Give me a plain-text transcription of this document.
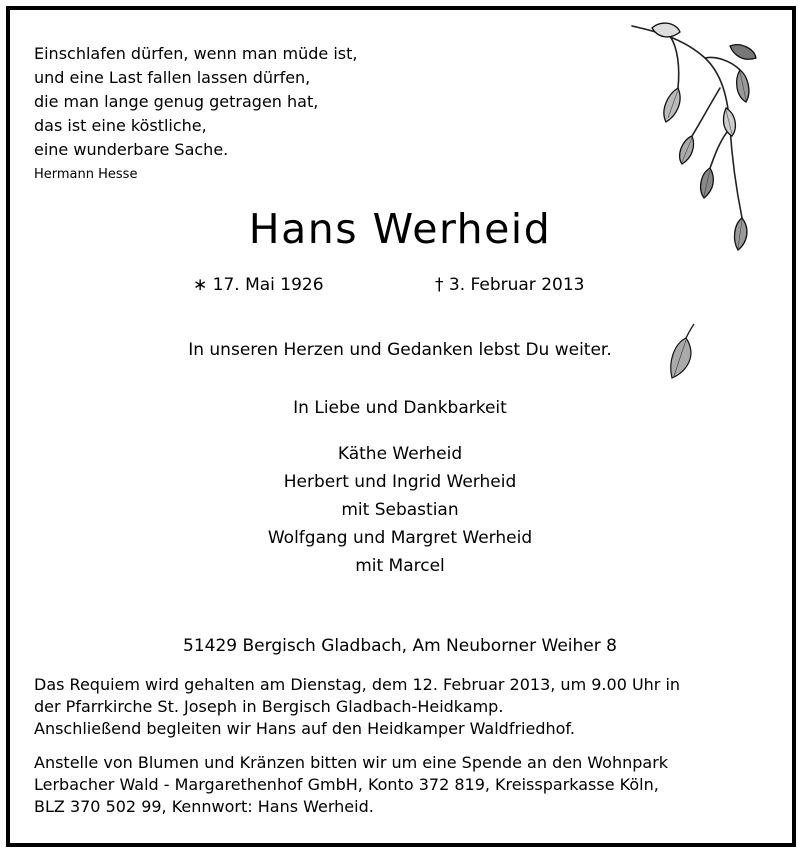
Einschlafen dürfen, wenn man müde ist,
und eine Last fallen lassen dürfen,
die man lange genug getragen hat,
das ist eine köstliche,
eine wunderbare Sache.
Hermann Hesse
Hans Werheid
∗ 17. Mai 1926	† 3. Februar 2013
In unseren Herzen und Gedanken lebst Du weiter.
In Liebe und Dankbarkeit
Käthe Werheid
Herbert und Ingrid Werheid
mit Sebastian
Wolfgang und Margret Werheid
mit Marcel
51429 Bergisch Gladbach, Am Neuborner Weiher 8
Das Requiem wird gehalten am Dienstag, dem 12. Februar 2013, um 9.00 Uhr in
der Pfarrkirche St. Joseph in Bergisch Gladbach-Heidkamp.
Anschließend begleiten wir Hans auf den Heidkamper Waldfriedhof.
Anstelle von Blumen und Kränzen bitten wir um eine Spende an den Wohnpark
Lerbacher Wald - Margarethenhof GmbH, Konto 372 819, Kreissparkasse Köln,
BLZ 370 502 99, Kennwort: Hans Werheid.
